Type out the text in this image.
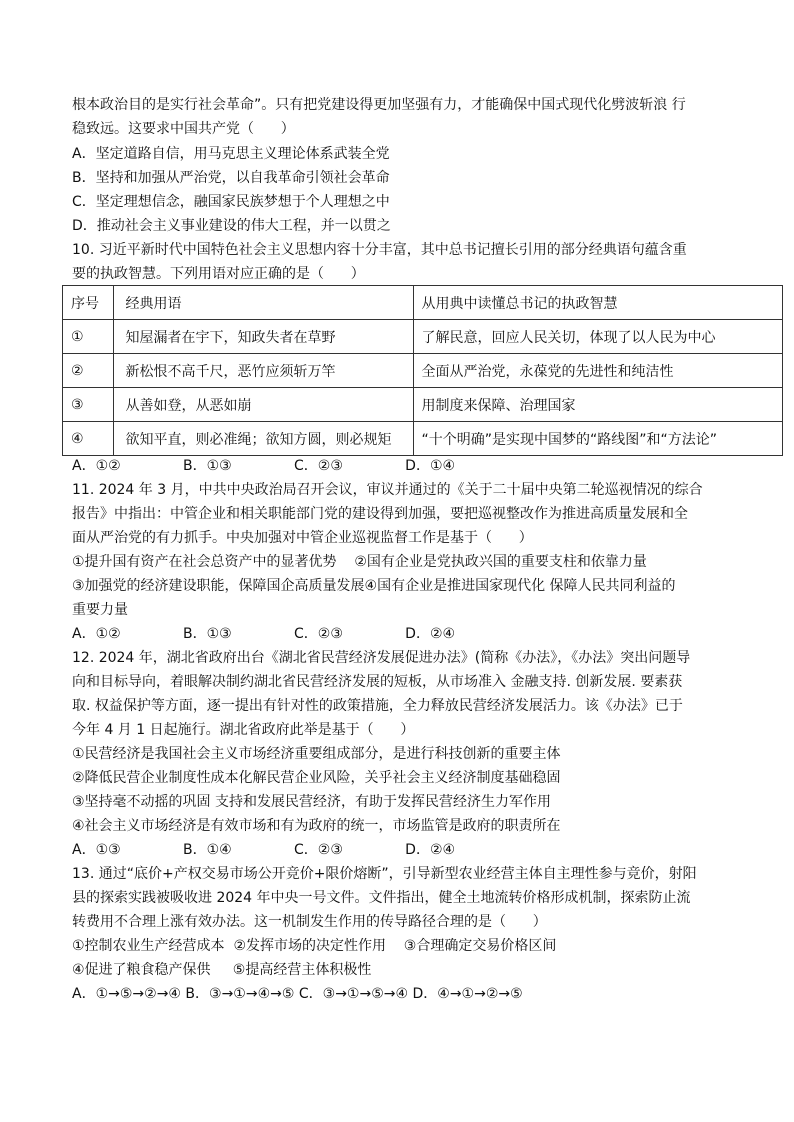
根本政治目的是实行社会革命”。只有把党建设得更加坚强有力，才能确保中国式现代化劈波斩浪 行
稳致远。这要求中国共产党（      ）
A．坚定道路自信，用马克思主义理论体系武装全党
B．坚持和加强从严治党，以自我革命引领社会革命
C．坚定理想信念，融国家民族梦想于个人理想之中
D．推动社会主义事业建设的伟大工程，并一以贯之
10. 习近平新时代中国特色社会主义思想内容十分丰富，其中总书记擅长引用的部分经典语句蕴含重
要的执政智慧。下列用语对应正确的是（      ）
序号	经典用语	从用典中读懂总书记的执政智慧
①	知屋漏者在宇下，知政失者在草野	了解民意，回应人民关切，体现了以人民为中心
②	新松恨不高千尺，恶竹应须斩万竿	全面从严治党，永葆党的先进性和纯洁性
③	从善如登，从恶如崩	用制度来保障、治理国家
④	欲知平直，则必准绳；欲知方圆，则必规矩	“十个明确”是实现中国梦的“路线图”和“方法论”
A．①②              B．①③              C．②③              D．①④
11. 2024 年 3 月，中共中央政治局召开会议，审议并通过的《关于二十届中央第二轮巡视情况的综合
报告》中指出：中管企业和相关职能部门党的建设得到加强，要把巡视整改作为推进高质量发展和全
面从严治党的有力抓手。中央加强对中管企业巡视监督工作是基于（      ）
①提升国有资产在社会总资产中的显著优势    ②国有企业是党执政兴国的重要支柱和依靠力量
③加强党的经济建设职能，保障国企高质量发展④国有企业是推进国家现代化 保障人民共同利益的
重要力量
A．①②              B．①③              C．②③              D．②④
12. 2024 年，湖北省政府出台《湖北省民营经济发展促进办法》(简称《办法》，《办法》突出问题导
向和目标导向，着眼解决制约湖北省民营经济发展的短板，从市场准入 金融支持. 创新发展. 要素获
取. 权益保护等方面，逐一提出有针对性的政策措施，全力释放民营经济发展活力。该《办法》已于
今年 4 月 1 日起施行。湖北省政府此举是基于（      ）
①民营经济是我国社会主义市场经济重要组成部分，是进行科技创新的重要主体
②降低民营企业制度性成本化解民营企业风险，关乎社会主义经济制度基础稳固
③坚持毫不动摇的巩固 支持和发展民营经济，有助于发挥民营经济生力军作用
④社会主义市场经济是有效市场和有为政府的统一，市场监管是政府的职责所在
A．①③              B．①④              C．②③              D．②④
13. 通过“底价+产权交易市场公开竞价+限价熔断”，引导新型农业经营主体自主理性参与竞价，射阳
县的探索实践被吸收进 2024 年中央一号文件。文件指出，健全土地流转价格形成机制，探索防止流
转费用不合理上涨有效办法。这一机制发生作用的传导路径合理的是（      ）
①控制农业生产经营成本  ②发挥市场的决定性作用    ③合理确定交易价格区间
④促进了粮食稳产保供     ⑤提高经营主体积极性
A．①→⑤→②→④ B．③→①→④→⑤ C．③→①→⑤→④ D．④→①→②→⑤
